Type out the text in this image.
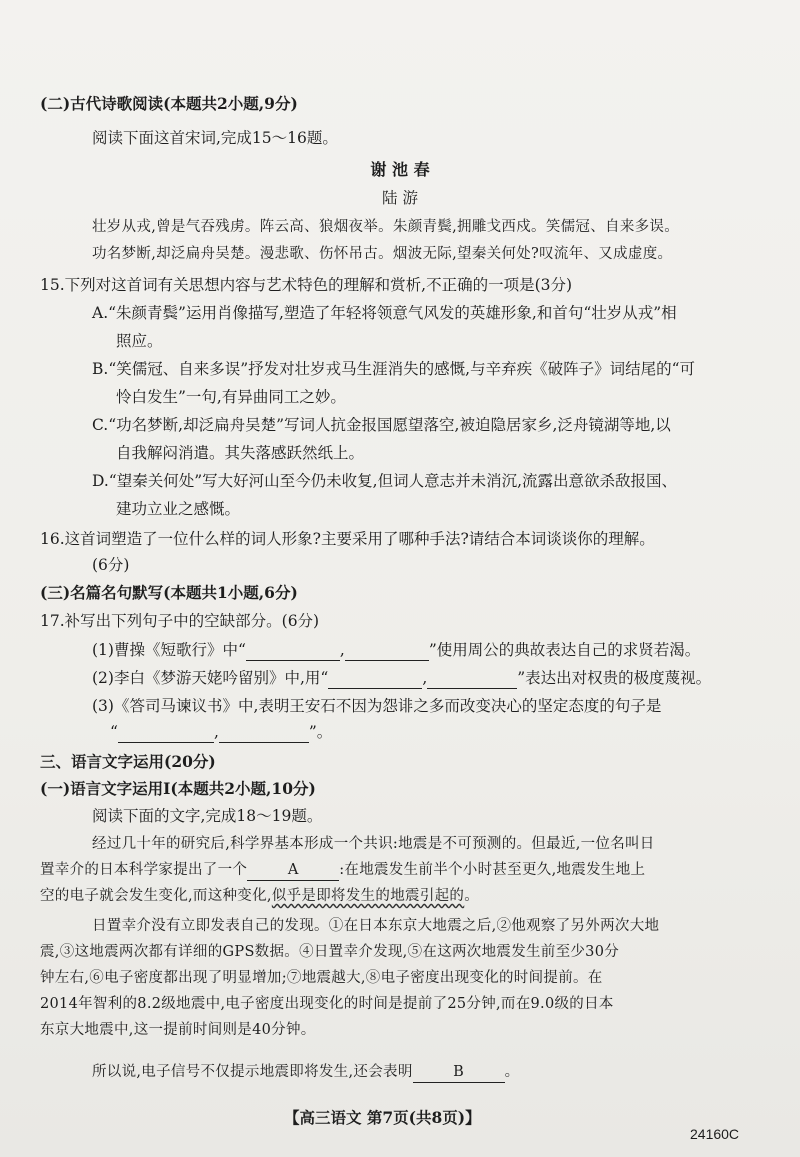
⠀
(二)古代诗歌阅读(本题共2小题,9分)
阅读下面这首宋词,完成15～16题。
谢 池 春
陆 游
壮岁从戎,曾是气吞残虏。阵云高、狼烟夜举。朱颜青鬓,拥雕戈西戍。笑儒冠、自来多误。
功名梦断,却泛扁舟吴楚。漫悲歌、伤怀吊古。烟波无际,望秦关何处?叹流年、又成虚度。
15.下列对这首词有关思想内容与艺术特色的理解和赏析,不正确的一项是(3分)
A.“朱颜青鬓”运用肖像描写,塑造了年轻将领意气风发的英雄形象,和首句“壮岁从戎”相
照应。
B.“笑儒冠、自来多误”抒发对壮岁戎马生涯消失的感慨,与辛弃疾《破阵子》词结尾的“可
怜白发生”一句,有异曲同工之妙。
C.“功名梦断,却泛扁舟吴楚”写词人抗金报国愿望落空,被迫隐居家乡,泛舟镜湖等地,以
自我解闷消遣。其失落感跃然纸上。
D.“望秦关何处”写大好河山至今仍未收复,但词人意志并未消沉,流露出意欲杀敌报国、
建功立业之感慨。
16.这首词塑造了一位什么样的词人形象?主要采用了哪种手法?请结合本词谈谈你的理解。
(6分)
(三)名篇名句默写(本题共1小题,6分)
17.补写出下列句子中的空缺部分。(6分)
(1)曹操《短歌行》中“	,	”使用周公的典故表达自己的求贤若渴。
(2)李白《梦游天姥吟留别》中,用“	,	”表达出对权贵的极度蔑视。
(3)《答司马谏议书》中,表明王安石不因为怨诽之多而改变决心的坚定态度的句子是
“	,	”。
三、语言文字运用(20分)
(一)语言文字运用Ⅰ(本题共2小题,10分)
阅读下面的文字,完成18～19题。
经过几十年的研究后,科学界基本形成一个共识:地震是不可预测的。但最近,一位名叫日
置幸介的日本科学家提出了一个	A	:在地震发生前半个小时甚至更久,地震发生地上
空的电子就会发生变化,而这种变化,似乎是即将发生的地震引起的。
日置幸介没有立即发表自己的发现。①在日本东京大地震之后,②他观察了另外两次大地
震,③这地震两次都有详细的GPS数据。④日置幸介发现,⑤在这两次地震发生前至少30分
钟左右,⑥电子密度都出现了明显增加;⑦地震越大,⑧电子密度出现变化的时间提前。在
2014年智利的8.2级地震中,电子密度出现变化的时间是提前了25分钟,而在9.0级的日本
东京大地震中,这一提前时间则是40分钟。
所以说,电子信号不仅提示地震即将发生,还会表明	B	。
【高三语文 第7页(共8页)】
24160C
